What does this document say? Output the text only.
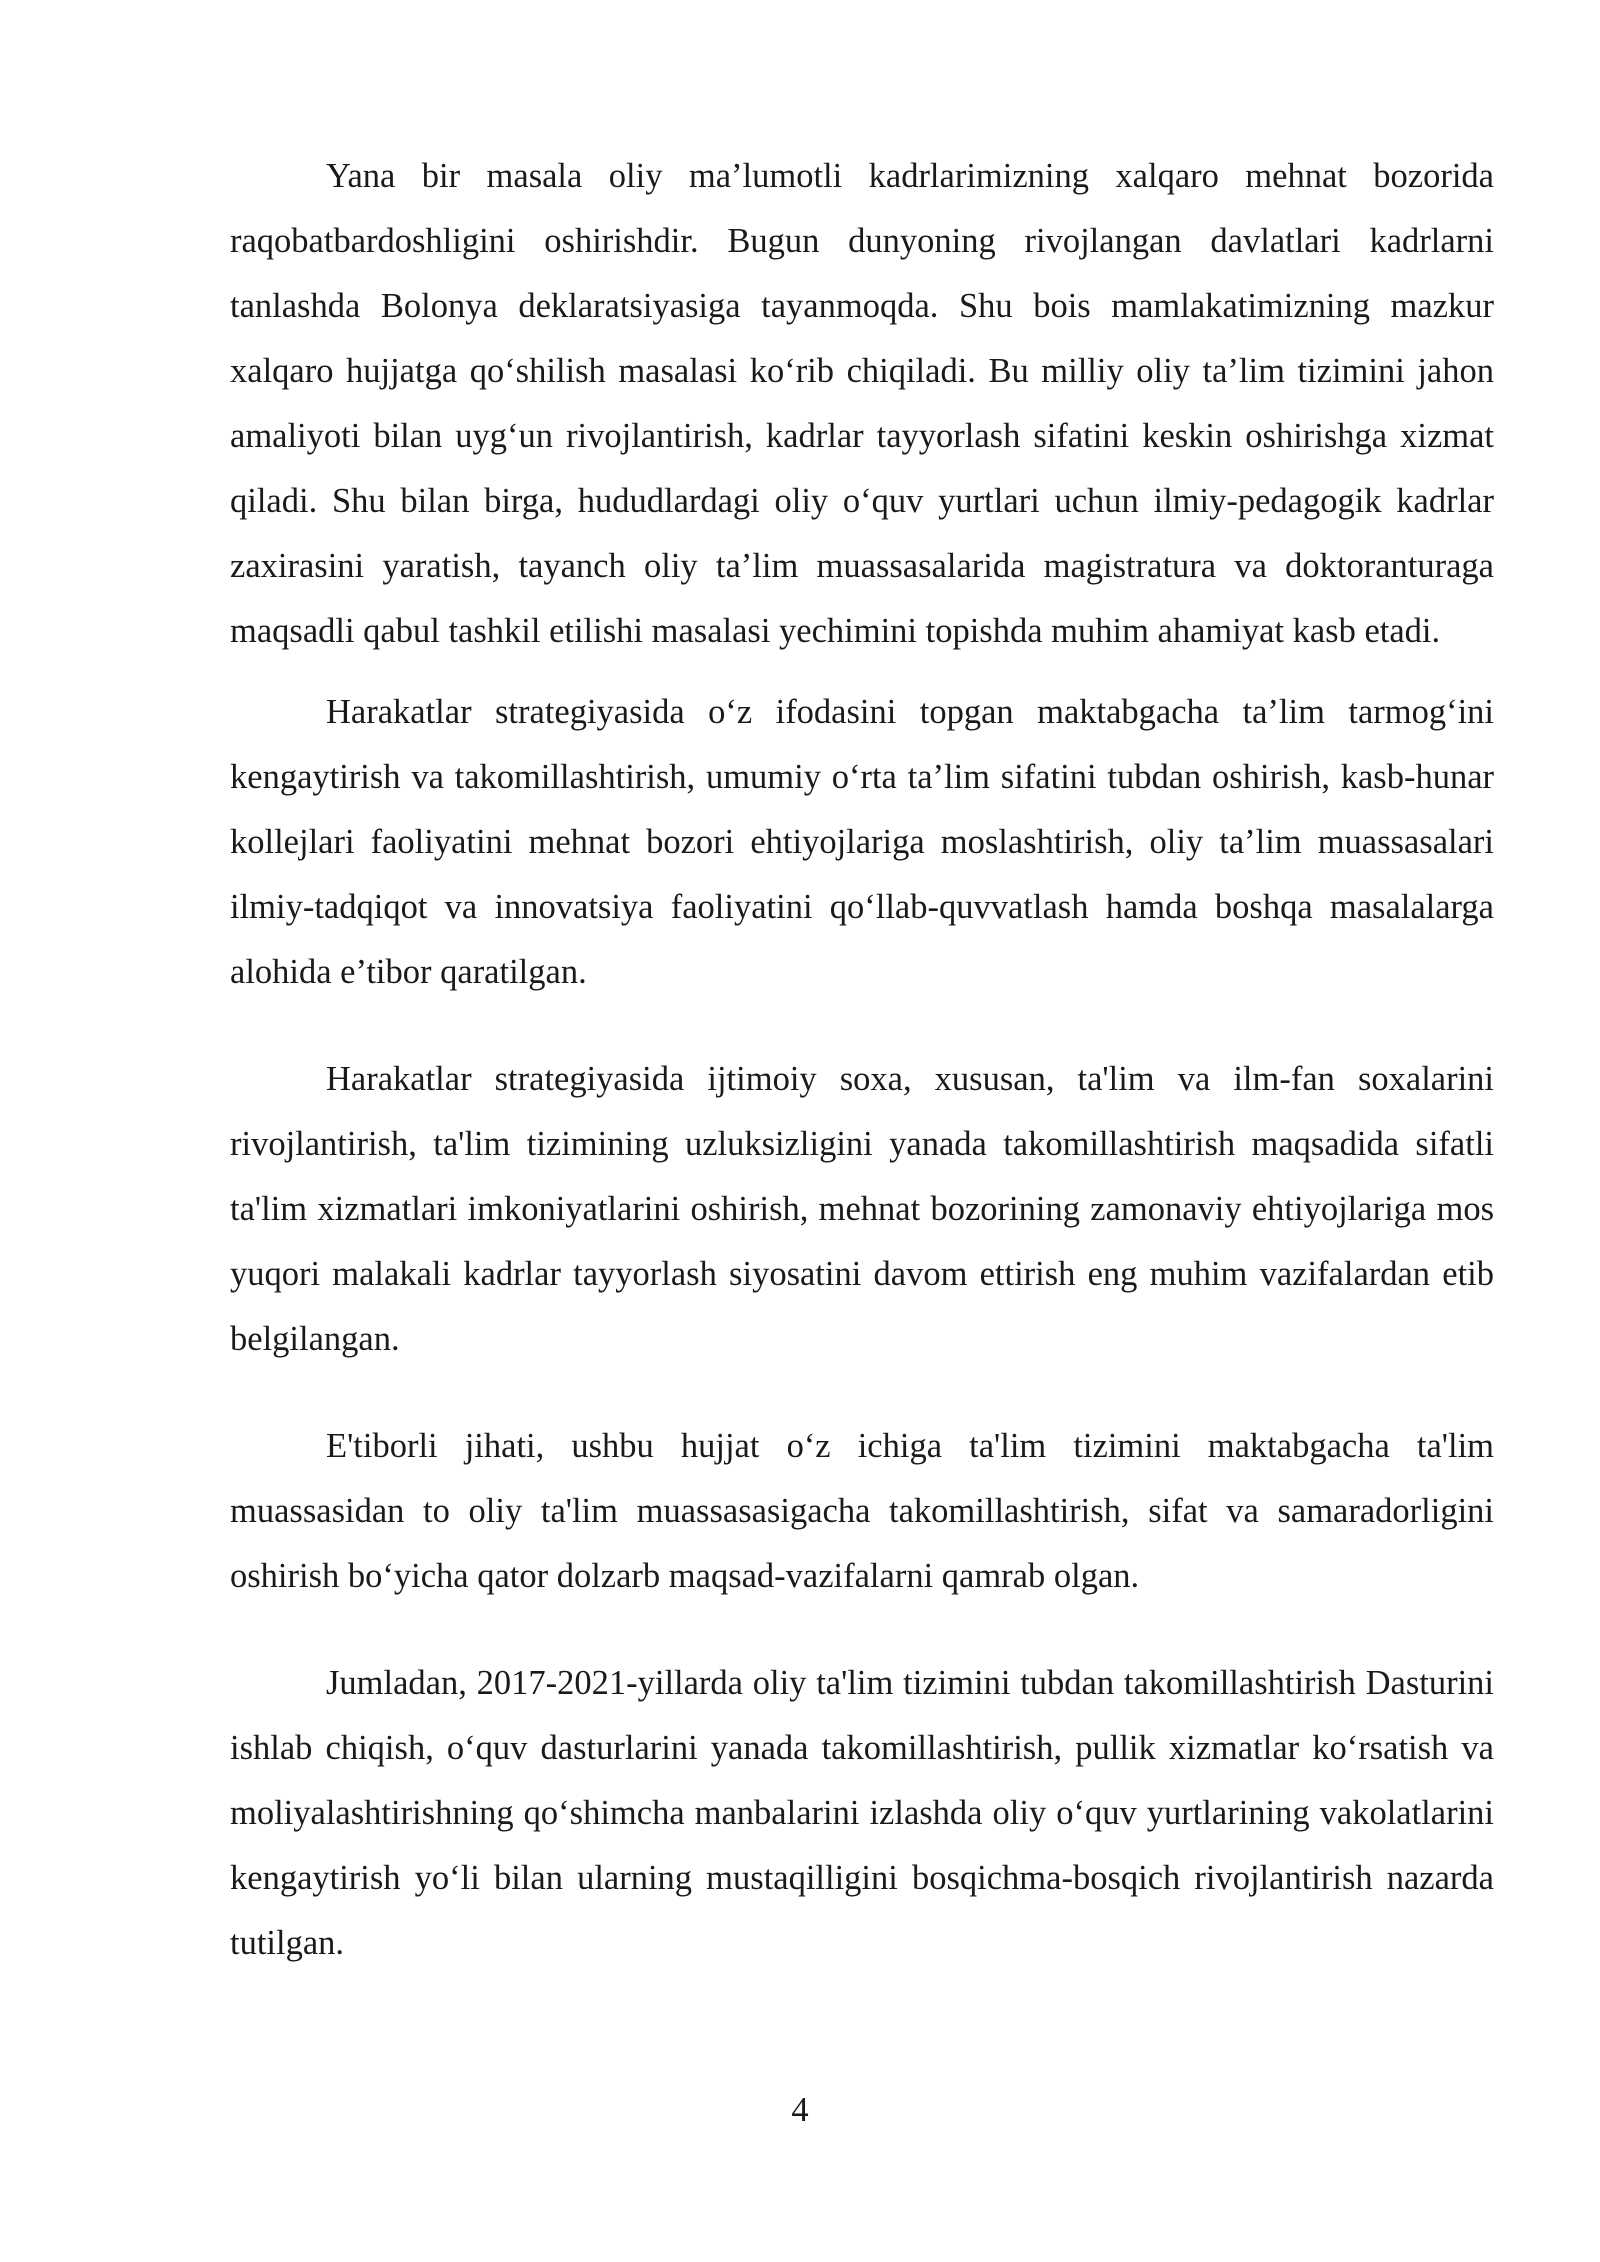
Yana bir masala oliy ma’lumotli kadrlarimizning xalqaro mehnat bozorida raqobatbardoshligini oshirishdir. Bugun dunyoning rivojlangan davlatlari kadrlarni tanlashda Bolonya deklaratsiyasiga tayanmoqda. Shu bois mamlakatimizning mazkur xalqaro hujjatga qo‘shilish masalasi ko‘rib chiqiladi. Bu milliy oliy ta’lim tizimini jahon amaliyoti bilan uyg‘un rivojlantirish, kadrlar tayyorlash sifatini keskin oshirishga xizmat qiladi. Shu bilan birga, hududlardagi oliy o‘quv yurtlari uchun ilmiy-pedagogik kadrlar zaxirasini yaratish, tayanch oliy ta’lim muassasalarida magistratura va doktoranturaga maqsadli qabul tashkil etilishi masalasi yechimini topishda muhim ahamiyat kasb etadi.

Harakatlar strategiyasida o‘z ifodasini topgan maktabgacha ta’lim tarmog‘ini kengaytirish va takomillashtirish, umumiy o‘rta ta’lim sifatini tubdan oshirish, kasb-hunar kollejlari faoliyatini mehnat bozori ehtiyojlariga moslashtirish, oliy ta’lim muassasalari ilmiy-tadqiqot va innovatsiya faoliyatini qo‘llab-quvvatlash hamda boshqa masalalarga alohida e’tibor qaratilgan.

Harakatlar strategiyasida ijtimoiy soxa, xususan, ta'lim va ilm-fan soxalarini rivojlantirish, ta'lim tizimining uzluksizligini yanada takomillashtirish maqsadida sifatli ta'lim xizmatlari imkoniyatlarini oshirish, mehnat bozorining zamonaviy ehtiyojlariga mos yuqori malakali kadrlar tayyorlash siyosatini davom ettirish eng muhim vazifalardan etib belgilangan.

E'tiborli jihati, ushbu hujjat o‘z ichiga ta'lim tizimini maktabgacha ta'lim muassasidan to oliy ta'lim muassasasigacha takomillashtirish, sifat va samaradorligini oshirish bo‘yicha qator dolzarb maqsad-vazifalarni qamrab olgan.

Jumladan, 2017-2021-yillarda oliy ta'lim tizimini tubdan takomillashtirish Dasturini ishlab chiqish, o‘quv dasturlarini yanada takomillashtirish, pullik xizmatlar ko‘rsatish va moliyalashtirishning qo‘shimcha manbalarini izlashda oliy o‘quv yurtlarining vakolatlarini kengaytirish yo‘li bilan ularning mustaqilligini bosqichma-bosqich rivojlantirish nazarda tutilgan.

4
